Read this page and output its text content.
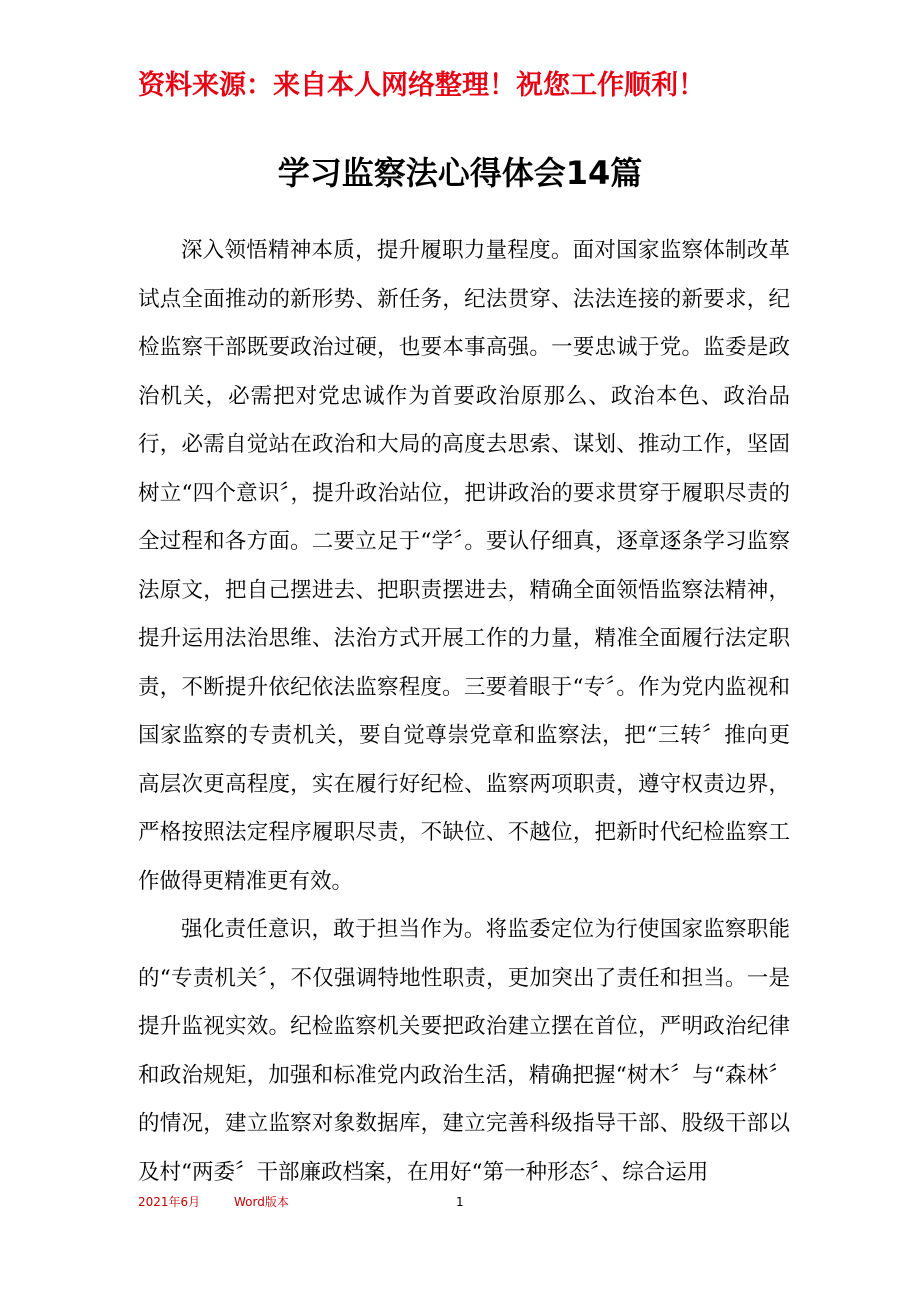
资料来源：来自本人网络整理！祝您工作顺利！
学习监察法心得体会14篇

深入领悟精神本质，提升履职力量程度。面对国家监察体制改革试点全面推动的新形势、新任务，纪法贯穿、法法连接的新要求，纪检监察干部既要政治过硬，也要本事高强。一要忠诚于党。监委是政治机关，必需把对党忠诚作为首要政治原那么、政治本色、政治品行，必需自觉站在政治和大局的高度去思索、谋划、推动工作，坚固树立“四个意识〞，提升政治站位，把讲政治的要求贯穿于履职尽责的全过程和各方面。二要立足于“学〞。要认仔细真，逐章逐条学习监察法原文，把自己摆进去、把职责摆进去，精确全面领悟监察法精神，提升运用法治思维、法治方式开展工作的力量，精准全面履行法定职责，不断提升依纪依法监察程度。三要着眼于“专〞。作为党内监视和国家监察的专责机关，要自觉尊崇党章和监察法，把“三转〞推向更高层次更高程度，实在履行好纪检、监察两项职责，遵守权责边界，严格按照法定程序履职尽责，不缺位、不越位，把新时代纪检监察工作做得更精准更有效。

强化责任意识，敢于担当作为。将监委定位为行使国家监察职能的“专责机关〞，不仅强调特地性职责，更加突出了责任和担当。一是提升监视实效。纪检监察机关要把政治建立摆在首位，严明政治纪律和政治规矩，加强和标准党内政治生活，精确把握“树木〞与“森林〞的情况，建立监察对象数据库，建立完善科级指导干部、股级干部以及村“两委〞干部廉政档案，在用好“第一种形态〞、综合运用

2021年6月	Word版本	1
